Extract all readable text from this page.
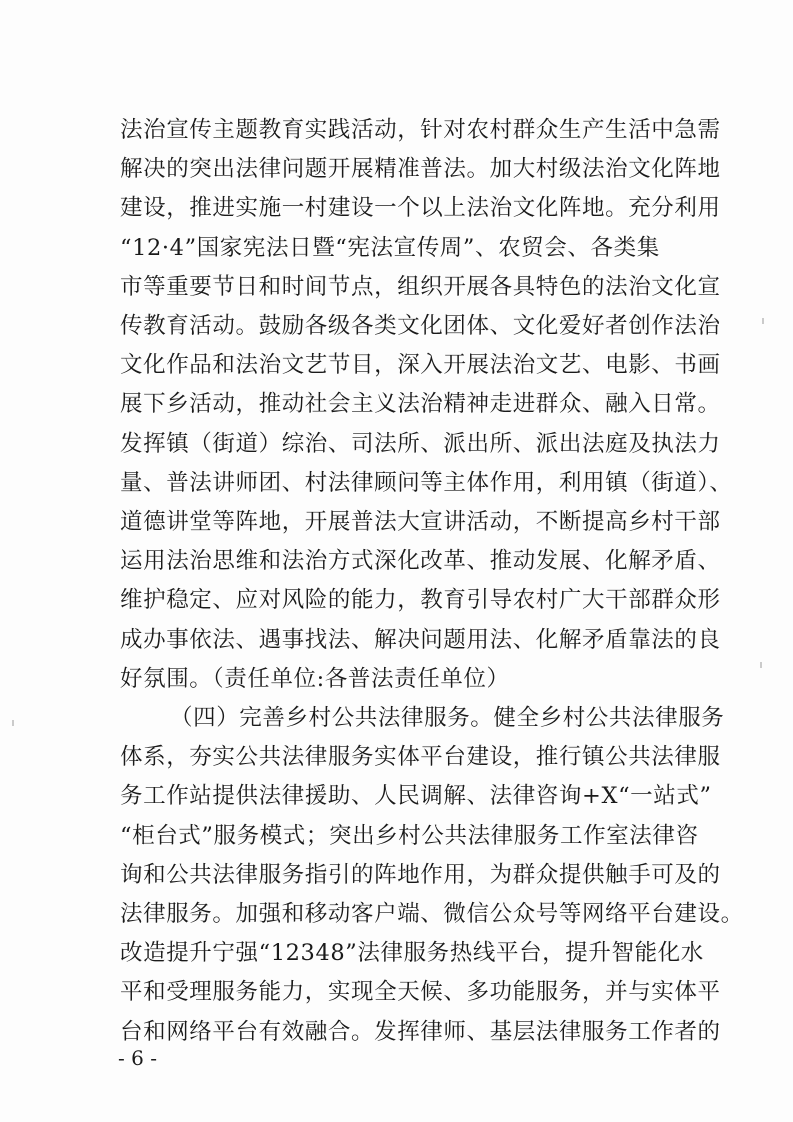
法治宣传主题教育实践活动，针对农村群众生产生活中急需
解决的突出法律问题开展精准普法。加大村级法治文化阵地
建设，推进实施一村建设一个以上法治文化阵地。充分利用
“12·4”国家宪法日暨“宪法宣传周”、农贸会、各类集
市等重要节日和时间节点，组织开展各具特色的法治文化宣
传教育活动。鼓励各级各类文化团体、文化爱好者创作法治
文化作品和法治文艺节目，深入开展法治文艺、电影、书画
展下乡活动，推动社会主义法治精神走进群众、融入日常。
发挥镇（街道）综治、司法所、派出所、派出法庭及执法力
量、普法讲师团、村法律顾问等主体作用，利用镇（街道）、
道德讲堂等阵地，开展普法大宣讲活动，不断提高乡村干部
运用法治思维和法治方式深化改革、推动发展、化解矛盾、
维护稳定、应对风险的能力，教育引导农村广大干部群众形
成办事依法、遇事找法、解决问题用法、化解矛盾靠法的良
好氛围。（责任单位:各普法责任单位）
（四）完善乡村公共法律服务。健全乡村公共法律服务
体系，夯实公共法律服务实体平台建设，推行镇公共法律服
务工作站提供法律援助、人民调解、法律咨询+X“一站式”
“柜台式”服务模式；突出乡村公共法律服务工作室法律咨
询和公共法律服务指引的阵地作用，为群众提供触手可及的
法律服务。加强和移动客户端、微信公众号等网络平台建设。
改造提升宁强“12348”法律服务热线平台，提升智能化水
平和受理服务能力，实现全天候、多功能服务，并与实体平
台和网络平台有效融合。发挥律师、基层法律服务工作者的
- 6 -
